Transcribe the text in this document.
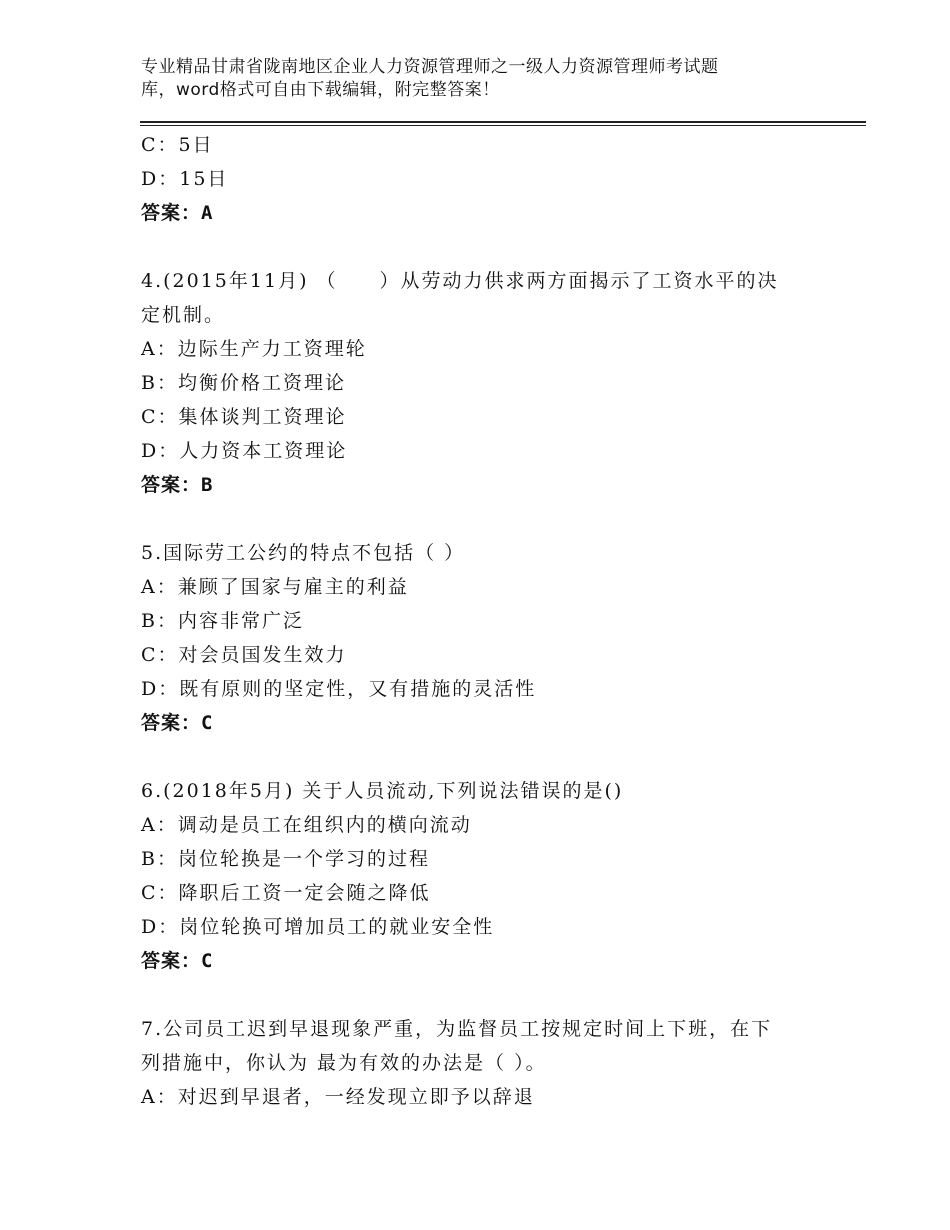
专业精品甘肃省陇南地区企业人力资源管理师之一级人力资源管理师考试题
库，word格式可自由下载编辑，附完整答案！
C：5日
D：15日
答案：A
4.(2015年11月) （　　）从劳动力供求两方面揭示了工资水平的决
定机制。
A：边际生产力工资理轮
B：均衡价格工资理论
C：集体谈判工资理论
D：人力资本工资理论
答案：B
5.国际劳工公约的特点不包括（ ）
A：兼顾了国家与雇主的利益
B：内容非常广泛
C：对会员国发生效力
D：既有原则的坚定性，又有措施的灵活性
答案：C
6.(2018年5月) 关于人员流动,下列说法错误的是()
A：调动是员工在组织内的横向流动
B：岗位轮换是一个学习的过程
C：降职后工资一定会随之降低
D：岗位轮换可增加员工的就业安全性
答案：C
7.公司员工迟到早退现象严重，为监督员工按规定时间上下班，在下
列措施中，你认为 最为有效的办法是（ ）。
A：对迟到早退者，一经发现立即予以辞退
